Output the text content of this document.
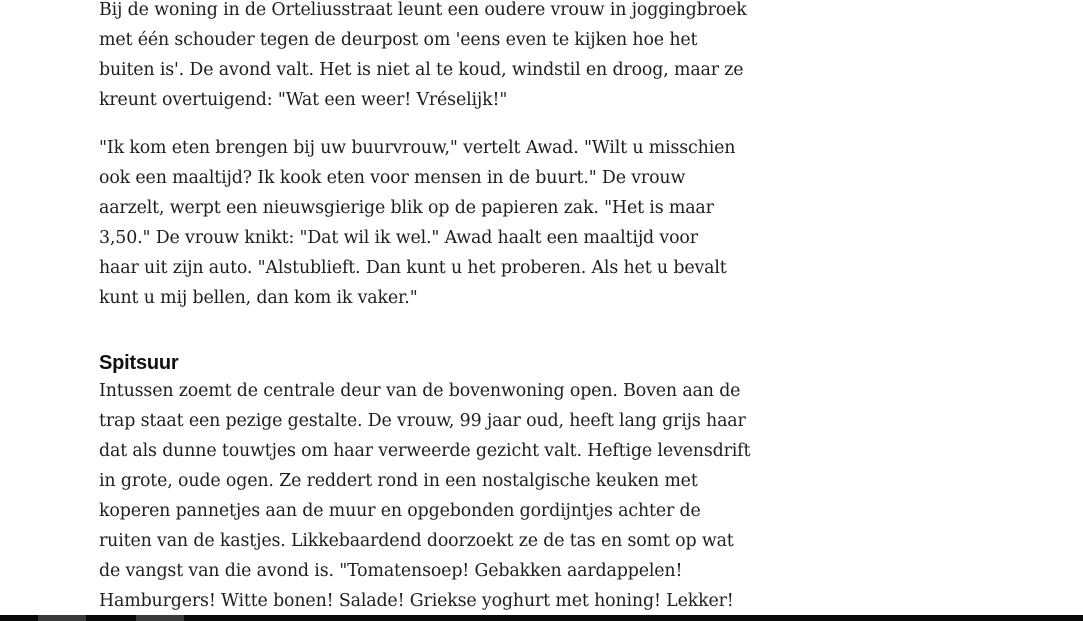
Bij de woning in de Orteliusstraat leunt een oudere vrouw in joggingbroek

met één schouder tegen de deurpost om 'eens even te kijken hoe het

buiten is'. De avond valt. Het is niet al te koud, windstil en droog, maar ze

kreunt overtuigend: "Wat een weer! Vréselijk!"

"Ik kom eten brengen bij uw buurvrouw," vertelt Awad. "Wilt u misschien

ook een maaltijd? Ik kook eten voor mensen in de buurt." De vrouw

aarzelt, werpt een nieuwsgierige blik op de papieren zak. "Het is maar

3,50." De vrouw knikt: "Dat wil ik wel." Awad haalt een maaltijd voor

haar uit zijn auto. "Alstublieft. Dan kunt u het proberen. Als het u bevalt

kunt u mij bellen, dan kom ik vaker."

Spitsuur

Intussen zoemt de centrale deur van de bovenwoning open. Boven aan de

trap staat een pezige gestalte. De vrouw, 99 jaar oud, heeft lang grijs haar

dat als dunne touwtjes om haar verweerde gezicht valt. Heftige levensdrift

in grote, oude ogen. Ze reddert rond in een nostalgische keuken met

koperen pannetjes aan de muur en opgebonden gordijntjes achter de

ruiten van de kastjes. Likkebaardend doorzoekt ze de tas en somt op wat

de vangst van die avond is. "Tomatensoep! Gebakken aardappelen!

Hamburgers! Witte bonen! Salade! Griekse yoghurt met honing! Lekker!
